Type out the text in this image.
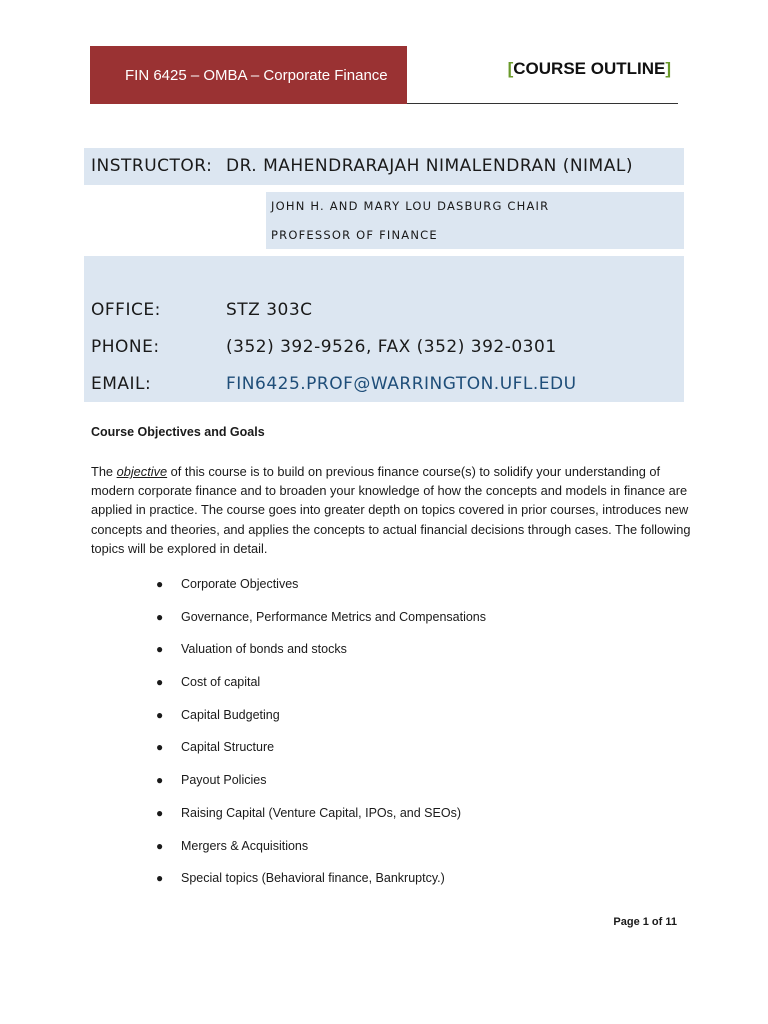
FIN 6425 – OMBA – Corporate Finance	[COURSE OUTLINE]
INSTRUCTOR: DR. MAHENDRARAJAH NIMALENDRAN (NIMAL)
JOHN H. AND MARY LOU DASBURG CHAIR
PROFESSOR OF FINANCE
OFFICE:	STZ 303C
PHONE:	(352) 392-9526, FAX (352) 392-0301
EMAIL:	FIN6425.PROF@WARRINGTON.UFL.EDU
Course Objectives and Goals
The objective of this course is to build on previous finance course(s) to solidify your understanding of modern corporate finance and to broaden your knowledge of how the concepts and models in finance are applied in practice. The course goes into greater depth on topics covered in prior courses, introduces new concepts and theories, and applies the concepts to actual financial decisions through cases. The following topics will be explored in detail.
● Corporate Objectives
● Governance, Performance Metrics and Compensations
● Valuation of bonds and stocks
● Cost of capital
● Capital Budgeting
● Capital Structure
● Payout Policies
● Raising Capital (Venture Capital, IPOs, and SEOs)
● Mergers & Acquisitions
● Special topics (Behavioral finance, Bankruptcy.)
Page 1 of 11
